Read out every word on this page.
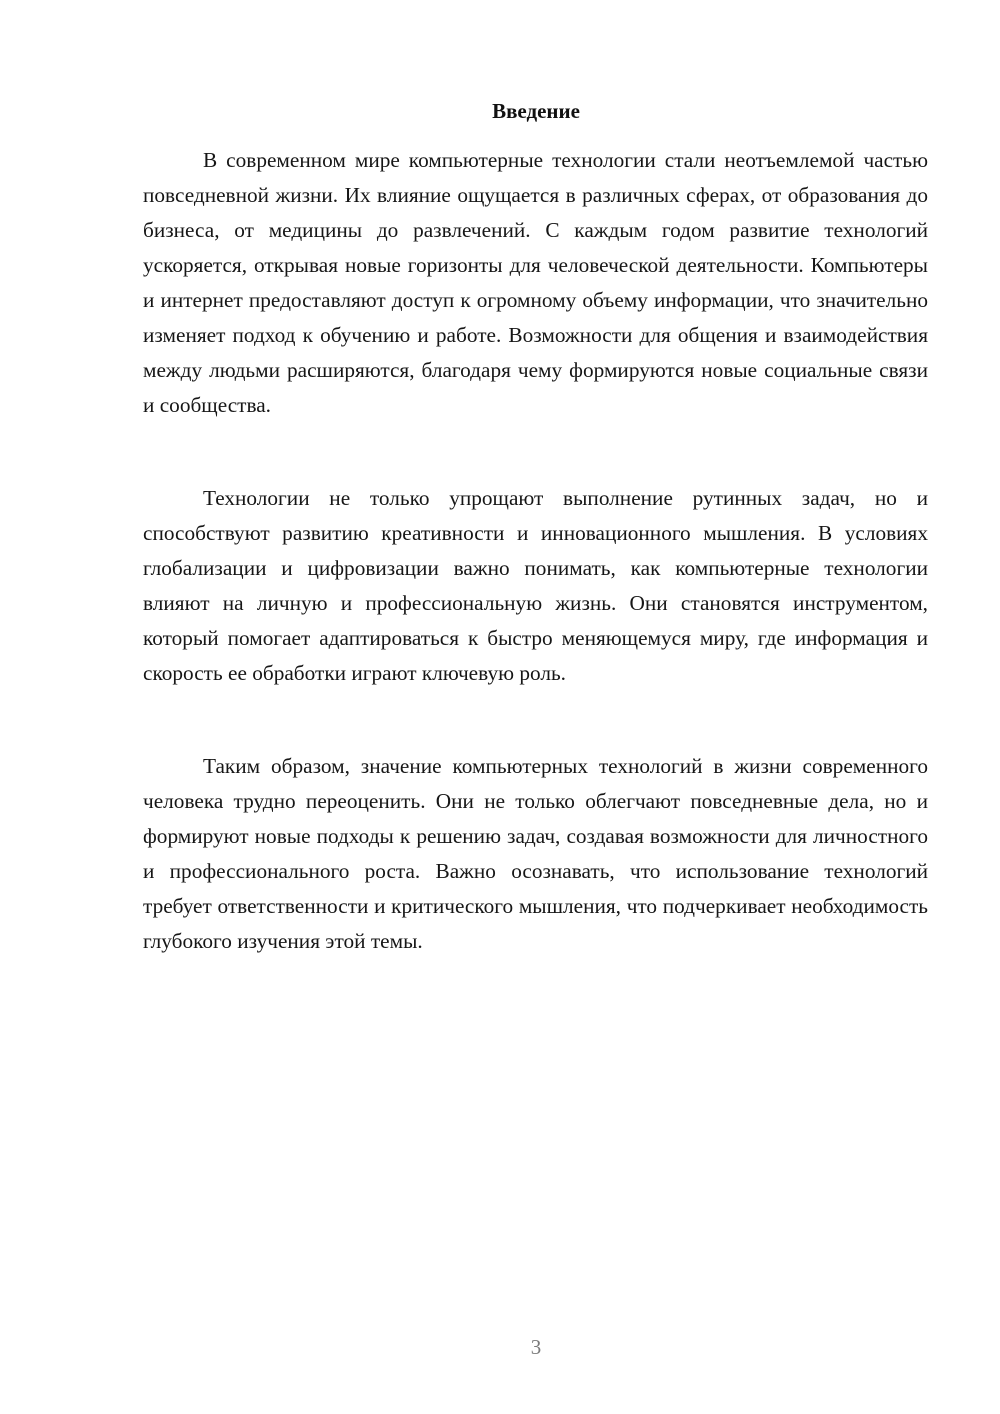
Введение

В современном мире компьютерные технологии стали неотъемлемой частью повседневной жизни. Их влияние ощущается в различных сферах, от образования до бизнеса, от медицины до развлечений. С каждым годом развитие технологий ускоряется, открывая новые горизонты для человеческой деятельности. Компьютеры и интернет предоставляют доступ к огромному объему информации, что значительно изменяет подход к обучению и работе. Возможности для общения и взаимодействия между людьми расширяются, благодаря чему формируются новые социальные связи и сообщества.

Технологии не только упрощают выполнение рутинных задач, но и способствуют развитию креативности и инновационного мышления. В условиях глобализации и цифровизации важно понимать, как компьютерные технологии влияют на личную и профессиональную жизнь. Они становятся инструментом, который помогает адаптироваться к быстро меняющемуся миру, где информация и скорость ее обработки играют ключевую роль.

Таким образом, значение компьютерных технологий в жизни современного человека трудно переоценить. Они не только облегчают повседневные дела, но и формируют новые подходы к решению задач, создавая возможности для личностного и профессионального роста. Важно осознавать, что использование технологий требует ответственности и критического мышления, что подчеркивает необходимость глубокого изучения этой темы.

3
